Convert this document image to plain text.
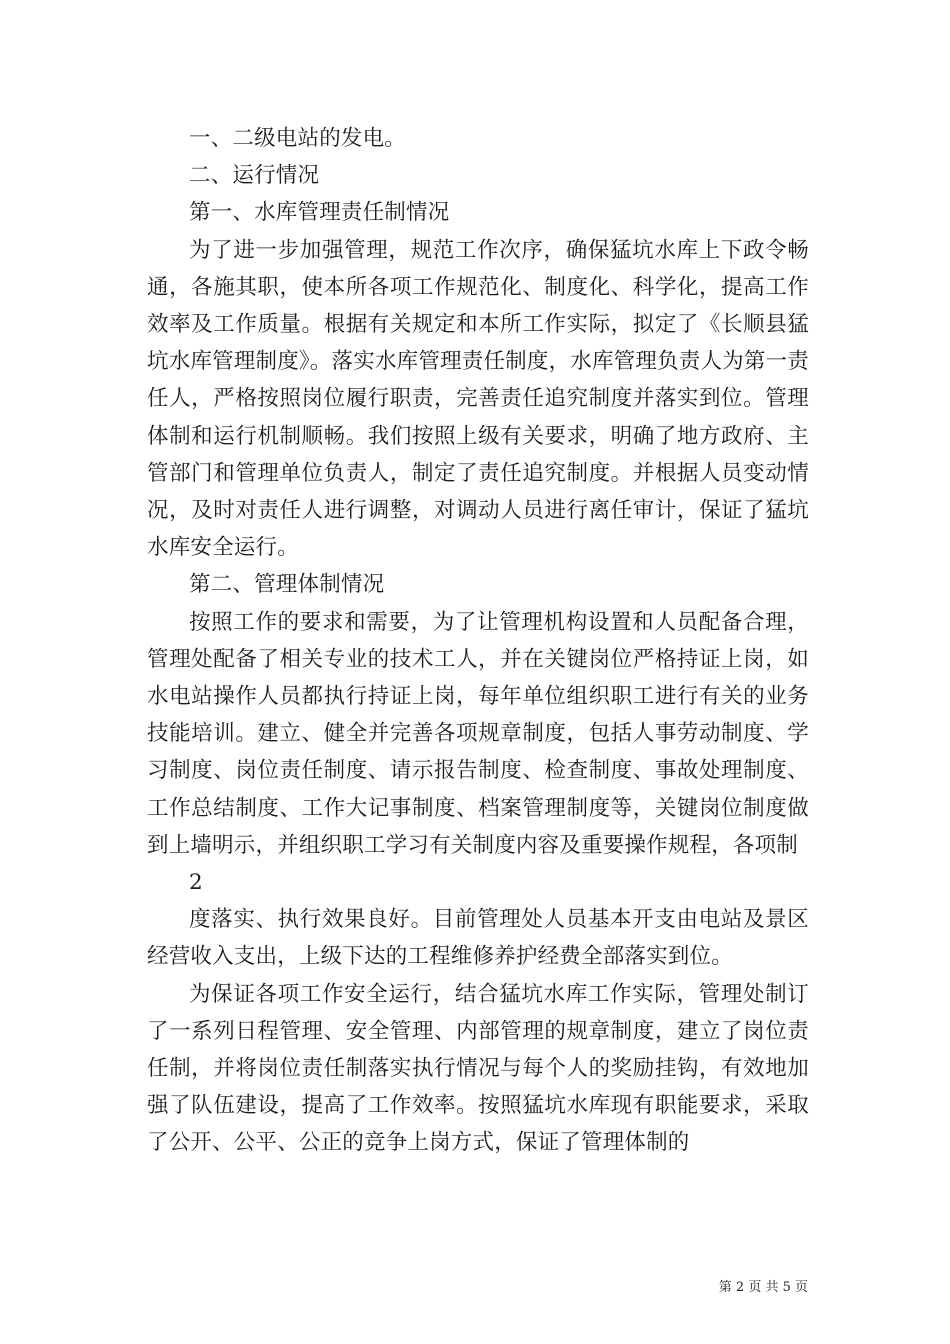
一、二级电站的发电。

二、运行情况

第一、水库管理责任制情况

为了进一步加强管理，规范工作次序，确保猛坑水库上下政令畅通，各施其职，使本所各项工作规范化、制度化、科学化，提高工作效率及工作质量。根据有关规定和本所工作实际，拟定了《长顺县猛坑水库管理制度》。落实水库管理责任制度，水库管理负责人为第一责任人，严格按照岗位履行职责，完善责任追究制度并落实到位。管理体制和运行机制顺畅。我们按照上级有关要求，明确了地方政府、主管部门和管理单位负责人，制定了责任追究制度。并根据人员变动情况，及时对责任人进行调整，对调动人员进行离任审计，保证了猛坑水库安全运行。

第二、管理体制情况

按照工作的要求和需要，为了让管理机构设置和人员配备合理，管理处配备了相关专业的技术工人，并在关键岗位严格持证上岗，如水电站操作人员都执行持证上岗，每年单位组织职工进行有关的业务技能培训。建立、健全并完善各项规章制度，包括人事劳动制度、学习制度、岗位责任制度、请示报告制度、检查制度、事故处理制度、工作总结制度、工作大记事制度、档案管理制度等，关键岗位制度做到上墙明示，并组织职工学习有关制度内容及重要操作规程，各项制

2

度落实、执行效果良好。目前管理处人员基本开支由电站及景区经营收入支出，上级下达的工程维修养护经费全部落实到位。

为保证各项工作安全运行，结合猛坑水库工作实际，管理处制订了一系列日程管理、安全管理、内部管理的规章制度，建立了岗位责任制，并将岗位责任制落实执行情况与每个人的奖励挂钩，有效地加强了队伍建设，提高了工作效率。按照猛坑水库现有职能要求，采取了公开、公平、公正的竞争上岗方式，保证了管理体制的

第 2 页 共 5 页
